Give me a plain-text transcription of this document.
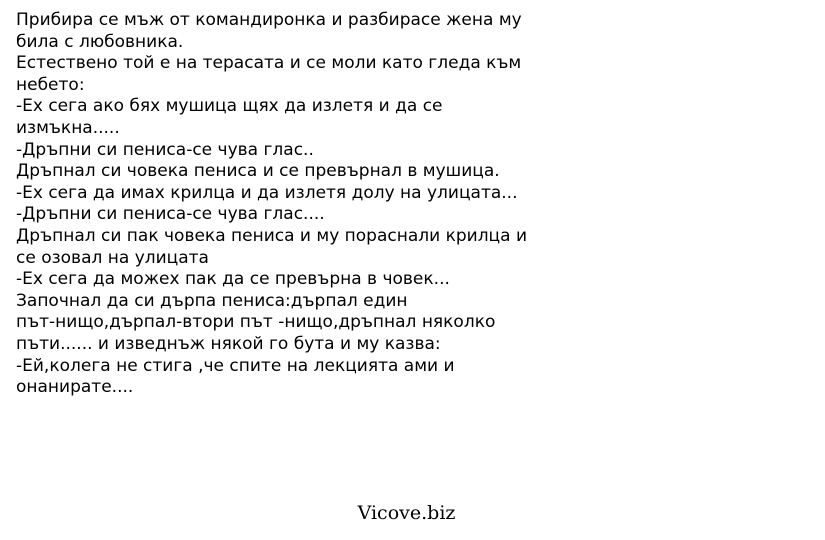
Прибира се мъж от командиронка и разбирасе жена му
била с любовника.
Естествено той е на терасата и се моли като гледа към
небето:
-Ех сега ако бях мушица щях да излетя и да се
измъкна.....
-Дръпни си пениса-се чува глас..
Дръпнал си човека пениса и се превърнал в мушица.
-Ех сега да имах крилца и да излетя долу на улицата...
-Дръпни си пениса-се чува глас....
Дръпнал си пак човека пениса и му пораснали крилца и
се озовал на улицата
-Ех сега да можех пак да се превърна в човек...
Започнал да си дърпа пениса:дърпал един
път-нищо,дърпал-втори път -нищо,дръпнал няколко
пъти...... и изведнъж някой го бута и му казва:
-Ей,колега не стига ,че спите на лекцията ами и
онанирате....
Vicove.biz
